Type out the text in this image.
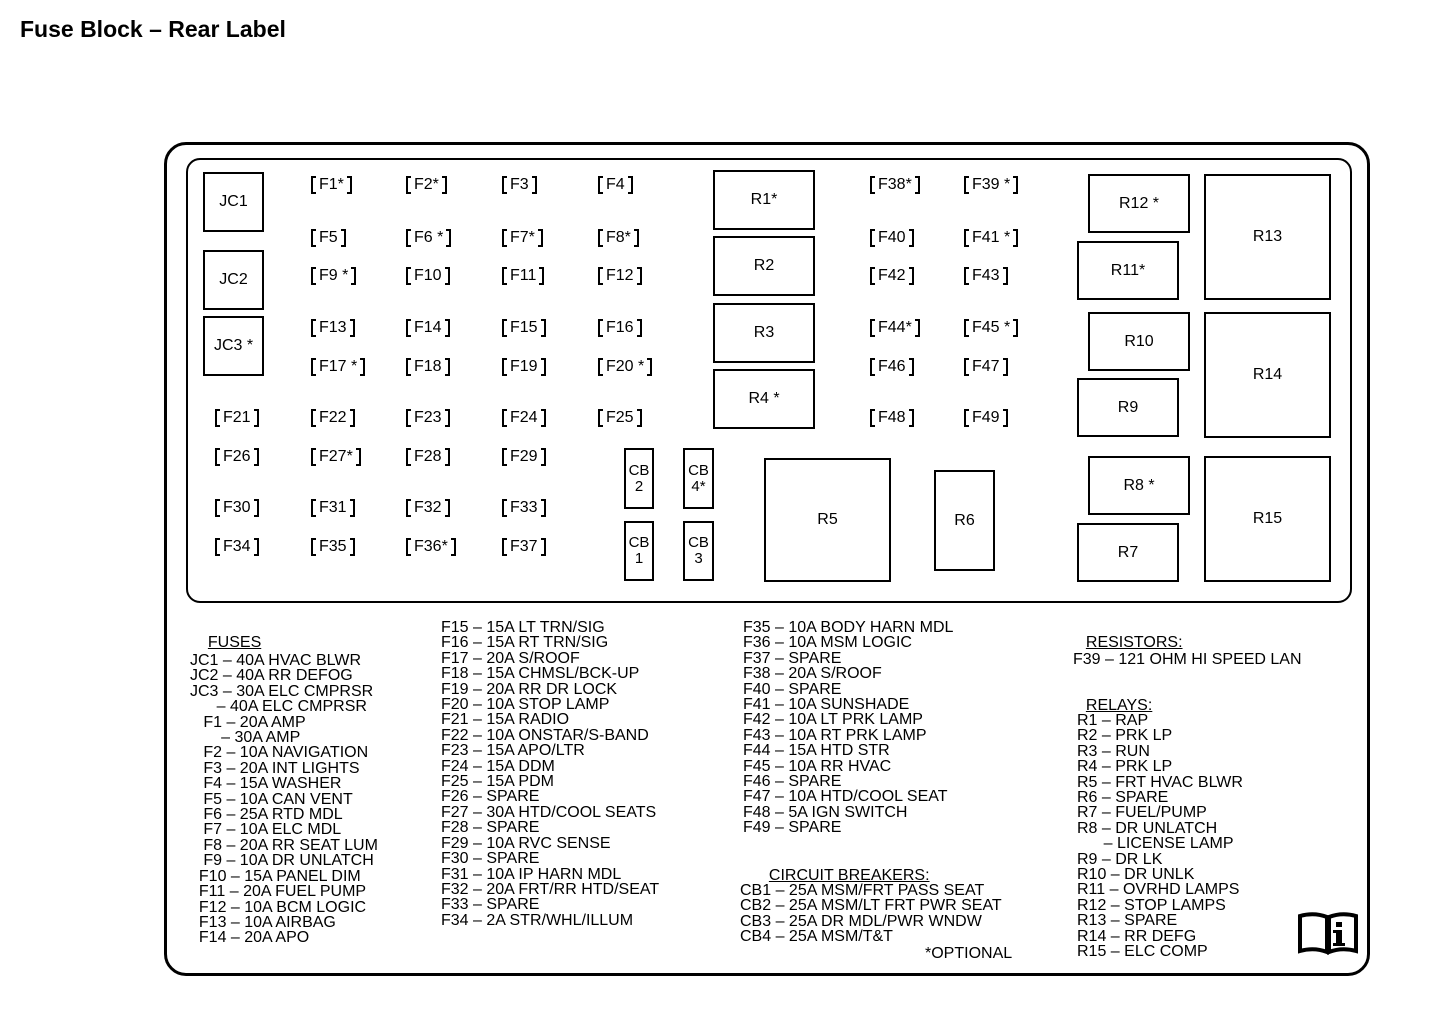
Fuse Block – Rear Label
JC1
JC2
JC3 *
F1*	F2*	F3	F4
F5	F6 *	F7*	F8*
F9 *	F10	F11	F12
F13	F14	F15	F16
F17 *	F18	F19	F20 *
F21	F22	F23	F24	F25
F26	F27*	F28	F29
F30	F31	F32	F33
F34	F35	F36*	F37
F38*	F39 *
F40	F41 *
F42	F43
F44*	F45 *
F46	F47
F48	F49
CB
2
CB
4*
CB
1
CB
3
R1*
R2
R3
R4 *
R5	R6
R12 *
R11*
R10
R9
R8 *
R7
R13
R14
R15

FUSES

JC1 – 40A HVAC BLWR
JC2 – 40A RR DEFOG
JC3 – 30A ELC CMPRSR
– 40A ELC CMPRSR
F1 – 20A AMP
– 30A AMP
F2 – 10A NAVIGATION
F3 – 20A INT LIGHTS
F4 – 15A WASHER
F5 – 10A CAN VENT
F6 – 25A RTD MDL
F7 – 10A ELC MDL
F8 – 20A RR SEAT LUM
F9 – 10A DR UNLATCH
F10 – 15A PANEL DIM
F11 – 20A FUEL PUMP
F12 – 10A BCM LOGIC
F13 – 10A AIRBAG
F14 – 20A APO
F15 – 15A LT TRN/SIG
F16 – 15A RT TRN/SIG
F17 – 20A S/ROOF
F18 – 15A CHMSL/BCK-UP
F19 – 20A RR DR LOCK
F20 – 10A STOP LAMP
F21 – 15A RADIO
F22 – 10A ONSTAR/S-BAND
F23 – 15A APO/LTR
F24 – 15A DDM
F25 – 15A PDM
F26 – SPARE
F27 – 30A HTD/COOL SEATS
F28 – SPARE
F29 – 10A RVC SENSE
F30 – SPARE
F31 – 10A IP HARN MDL
F32 – 20A FRT/RR HTD/SEAT
F33 – SPARE
F34 – 2A STR/WHL/ILLUM
F35 – 10A BODY HARN MDL
F36 – 10A MSM LOGIC
F37 – SPARE
F38 – 20A S/ROOF
F40 – SPARE
F41 – 10A SUNSHADE
F42 – 10A LT PRK LAMP
F43 – 10A RT PRK LAMP
F44 – 15A HTD STR
F45 – 10A RR HVAC
F46 – SPARE
F47 – 10A HTD/COOL SEAT
F48 – 5A IGN SWITCH
F49 – SPARE

CIRCUIT BREAKERS:

CB1 – 25A MSM/FRT PASS SEAT
CB2 – 25A MSM/LT FRT PWR SEAT
CB3 – 25A DR MDL/PWR WNDW
CB4 – 25A MSM/T&T

RESISTORS:

F39 – 121 OHM HI SPEED LAN

RELAYS:

R1 – RAP
R2 – PRK LP
R3 – RUN
R4 – PRK LP
R5 – FRT HVAC BLWR
R6 – SPARE
R7 – FUEL/PUMP
R8 – DR UNLATCH
– LICENSE LAMP
R9 – DR LK
R10 – DR UNLK
R11 – OVRHD LAMPS
R12 – STOP LAMPS
R13 – SPARE
R14 – RR DEFG
R15 – ELC COMP
*OPTIONAL
